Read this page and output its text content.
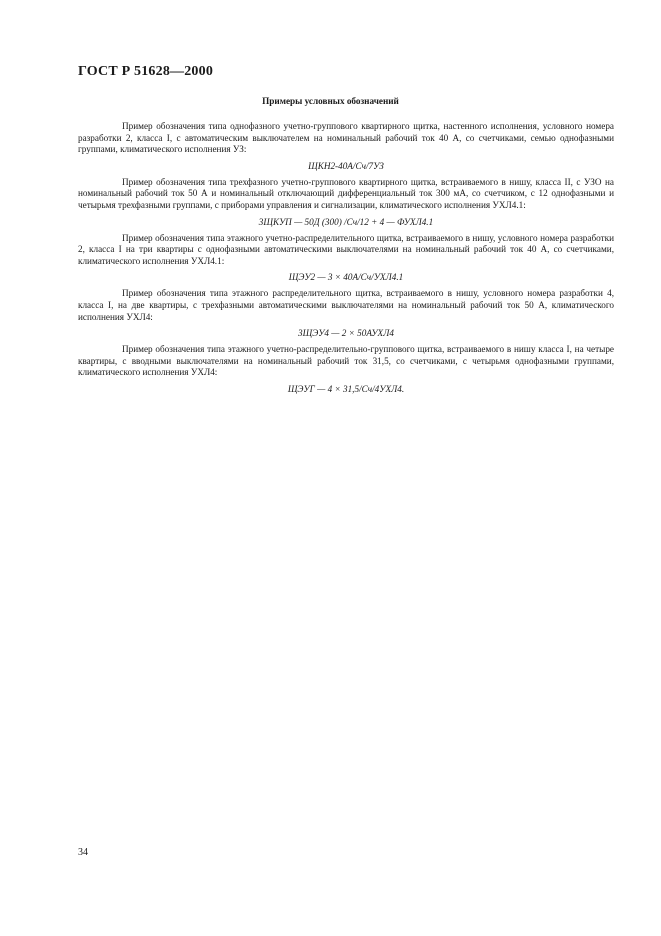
ГОСТ Р 51628—2000
Примеры условных обозначений

Пример обозначения типа однофазного учетно-группового квартирного щитка, настенного исполнения, условного номера разработки 2, класса I, с автоматическим выключателем на номинальный рабочий ток 40 А, со счетчиками, семью однофазными группами, климатического исполнения УЗ:

ЩКН2-40А/Сч/7УЗ

Пример обозначения типа трехфазного учетно-группового квартирного щитка, встраиваемого в нишу, класса II, с УЗО на номинальный рабочий ток 50 А и номинальный отключающий дифференциальный ток 300 мА, со счетчиком, с 12 однофазными и четырьмя трехфазными группами, с приборами управления и сигнализации, климатического исполнения УХЛ4.1:

3ЩКУП — 50Д (300) /Сч/12 + 4 — ФУХЛ4.1

Пример обозначения типа этажного учетно-распределительного щитка, встраиваемого в нишу, условного номера разработки 2, класса I на три квартиры с однофазными автоматическими выключателями на номинальный рабочий ток 40 А, со счетчиками, климатического исполнения УХЛ4.1:

ЩЭУ2 — 3 × 40А/Сч/УХЛ4.1

Пример обозначения типа этажного распределительного щитка, встраиваемого в нишу, условного номера разработки 4, класса I, на две квартиры, с трехфазными автоматическими выключателями на номинальный рабочий ток 50 А, климатического исполнения УХЛ4:

3ЩЭУ4 — 2 × 50АУХЛ4

Пример обозначения типа этажного учетно-распределительно-группового щитка, встраиваемого в нишу класса I, на четыре квартиры, с вводными выключателями на номинальный рабочий ток 31,5, со счетчиками, с четырьмя однофазными группами, климатического исполнения УХЛ4:

ЩЭУГ — 4 × 31,5/Сч/4УХЛ4.
34
